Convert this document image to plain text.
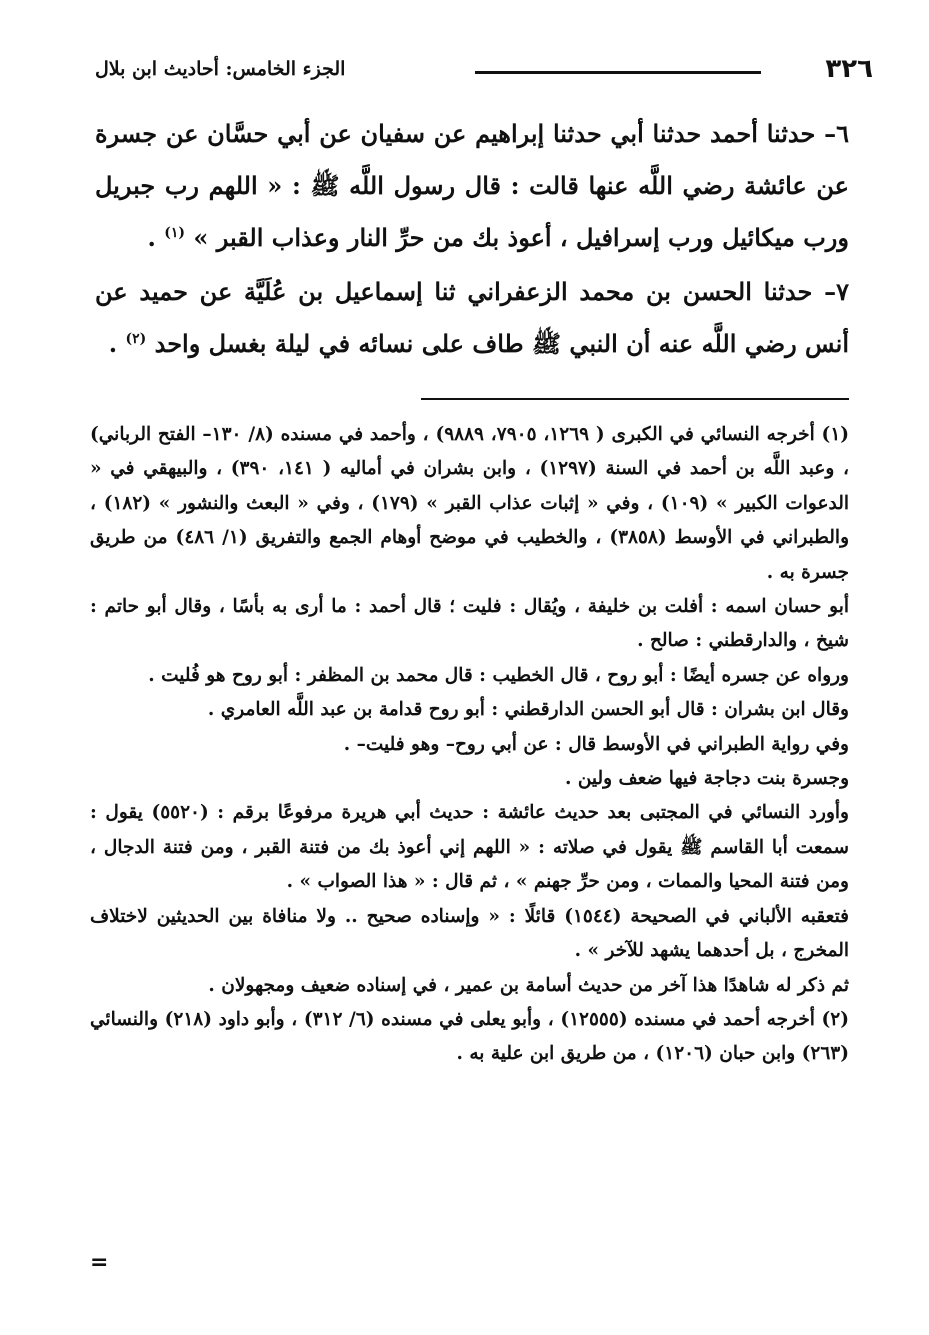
٣٢٦
الجزء الخامس: أحاديث ابن بلال

٦– حدثنا أحمد حدثنا أبي حدثنا إبراهيم عن سفيان عن أبي حسَّان عن جسرة عن عائشة رضي اللَّه عنها قالت : قال رسول اللَّه ﷺ : « اللهم رب جبريل ورب ميكائيل ورب إسرافيل ، أعوذ بك من حرِّ النار وعذاب القبر » $^{(١)}$ .

٧– حدثنا الحسن بن محمد الزعفراني ثنا إسماعيل بن عُلَيَّة عن حميد عن أنس رضي اللَّه عنه أن النبي ﷺ طاف على نسائه في ليلة بغسل واحد $^{(٢)}$ .

(١) أخرجه النسائي في الكبرى ( ١٢٦٩، ٧٩٠٥، ٩٨٨٩) ، وأحمد في مسنده (٨/ ١٣٠– الفتح الرباني) ، وعبد اللَّه بن أحمد في السنة (١٢٩٧) ، وابن بشران في أماليه ( ١٤١، ٣٩٠) ، والبيهقي في « الدعوات الكبير » (١٠٩) ، وفي « إثبات عذاب القبر » (١٧٩) ، وفي « البعث والنشور » (١٨٢) ، والطبراني في الأوسط (٣٨٥٨) ، والخطيب في موضح أوهام الجمع والتفريق (١/ ٤٨٦) من طريق جسرة به .

أبو حسان اسمه : أفلت بن خليفة ، ويُقال : فليت ؛ قال أحمد : ما أرى به بأسًا ، وقال أبو حاتم : شيخ ، والدارقطني : صالح .

ورواه عن جسره أيضًا : أبو روح ، قال الخطيب : قال محمد بن المظفر : أبو روح هو فُليت .

وقال ابن بشران : قال أبو الحسن الدارقطني : أبو روح قدامة بن عبد اللَّه العامري .

وفي رواية الطبراني في الأوسط قال : عن أبي روح– وهو فليت– .

وجسرة بنت دجاجة فيها ضعف ولين .

وأورد النسائي في المجتبى بعد حديث عائشة : حديث أبي هريرة مرفوعًا برقم : (٥٥٢٠) يقول : سمعت أبا القاسم ﷺ يقول في صلاته : « اللهم إني أعوذ بك من فتنة القبر ، ومن فتنة الدجال ، ومن فتنة المحيا والممات ، ومن حرِّ جهنم » ، ثم قال : « هذا الصواب » .

فتعقبه الألباني في الصحيحة (١٥٤٤) قائلًا : « وإسناده صحيح .. ولا منافاة بين الحديثين لاختلاف المخرج ، بل أحدهما يشهد للآخر » .

ثم ذكر له شاهدًا هذا آخر من حديث أسامة بن عمير ، في إسناده ضعيف ومجهولان .

(٢) أخرجه أحمد في مسنده (١٢٥٥٥) ، وأبو يعلى في مسنده (٦/ ٣١٢) ، وأبو داود (٢١٨) والنسائي (٢٦٣) وابن حبان (١٢٠٦) ، من طريق ابن علية به .

=
